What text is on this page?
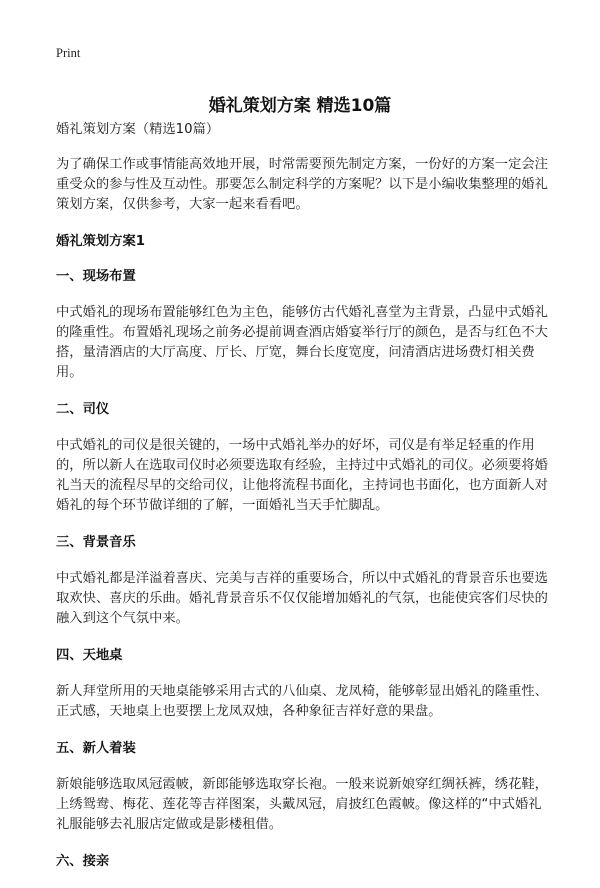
Print
婚礼策划方案 精选10篇

婚礼策划方案（精选10篇）

为了确保工作或事情能高效地开展，时常需要预先制定方案，一份好的方案一定会注重受众的参与性及互动性。那要怎么制定科学的方案呢？以下是小编收集整理的婚礼策划方案，仅供参考，大家一起来看看吧。

婚礼策划方案1
一、现场布置

中式婚礼的现场布置能够红色为主色，能够仿古代婚礼喜堂为主背景，凸显中式婚礼的隆重性。布置婚礼现场之前务必提前调查酒店婚宴举行厅的颜色，是否与红色不大搭，量清酒店的大厅高度、厅长、厅宽，舞台长度宽度，问清酒店进场费灯相关费用。

二、司仪

中式婚礼的司仪是很关键的，一场中式婚礼举办的好坏，司仪是有举足轻重的作用的，所以新人在选取司仪时必须要选取有经验，主持过中式婚礼的司仪。必须要将婚礼当天的流程尽早的交给司仪，让他将流程书面化，主持词也书面化，也方面新人对婚礼的每个环节做详细的了解，一面婚礼当天手忙脚乱。

三、背景音乐

中式婚礼都是洋溢着喜庆、完美与吉祥的重要场合，所以中式婚礼的背景音乐也要选取欢快、喜庆的乐曲。婚礼背景音乐不仅仅能增加婚礼的气氛，也能使宾客们尽快的融入到这个气氛中来。

四、天地桌

新人拜堂所用的天地桌能够采用古式的八仙桌、龙凤椅，能够彰显出婚礼的隆重性、正式感，天地桌上也要摆上龙凤双烛，各种象征吉祥好意的果盘。

五、新人着装

新娘能够选取凤冠霞帔，新郎能够选取穿长袍。一般来说新娘穿红绸袄裤，绣花鞋，上绣鸳鸯、梅花、莲花等吉祥图案，头戴凤冠，肩披红色霞帔。像这样的“中式婚礼礼服能够去礼服店定做或是影楼租借。

六、接亲
